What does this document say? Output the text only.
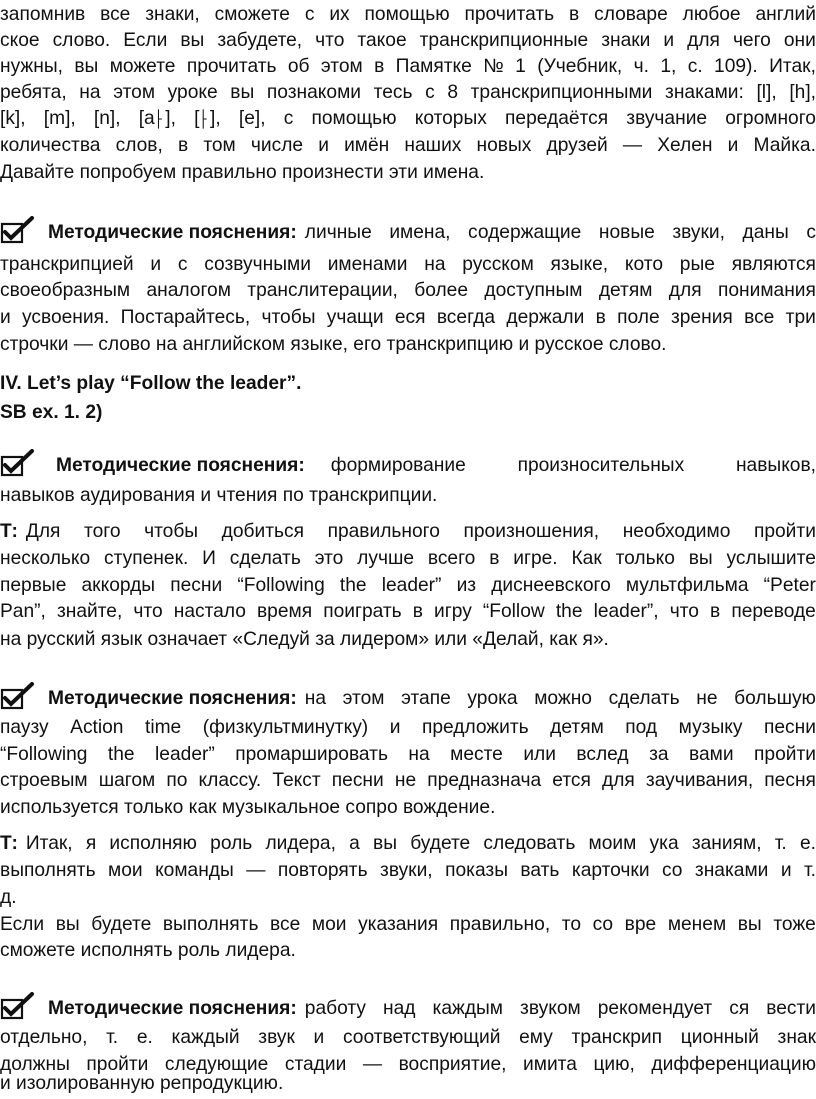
запомнив все знаки, сможете с их помощью прочитать в словаре любое англий
ское слово. Если вы забудете, что такое транскрипционные знаки и для чего они
нужны, вы можете прочитать об этом в Памятке № 1 (Учебник, ч. 1, с. 109). Итак,
ребята, на этом уроке вы познакоми тесь с 8 транскрипционными знаками: [l], [h],
[k], [m], [n], [a⸠], [⸠], [e], с помощью которых передаётся звучание огромного
количества слов, в том числе и имён наших новых друзей — Хелен и Майка.
Давайте попробуем правильно произнести эти имена.
Методические пояснения: личные имена, содержащие новые звуки, даны с
транскрипцией и с созвучными именами на русском языке, кото рые являются
своеобразным аналогом транслитерации, более доступным детям для понимания
и усвоения. Постарайтесь, чтобы учащи еся всегда держали в поле зрения все три
строчки — слово на английском языке, его транскрипцию и русское слово.
IV. Let’s play “Follow the leader”.
SB ex. 1. 2)
Методические пояснения: формирование	произносительных	навыков,
навыков аудирования и чтения по транскрипции.
Т: Для того чтобы добиться правильного произношения, необходимо пройти
несколько ступенек. И сделать это лучше всего в игре. Как только вы услышите
первые аккорды песни “Following the leader” из диснеевского мультфильма “Peter
Pan”, знайте, что настало время поиграть в игру “Follow the leader”, что в переводе
на русский язык означает «Следуй за лидером» или «Делай, как я».
Методические пояснения: на этом этапе урока можно сделать не большую
паузу Action time (физкультминутку) и предложить детям под музыку песни
“Following the leader” промаршировать на месте или вслед за вами пройти
строевым шагом по классу. Текст песни не предназнача ется для заучивания, песня
используется только как музыкальное сопро вождение.
Т: Итак, я исполняю роль лидера, а вы будете следовать моим ука заниям, т. е.
выполнять мои команды — повторять звуки, показы вать карточки со знаками и т.
д.
Если вы будете выполнять все мои указания правильно, то со вре менем вы тоже
сможете исполнять роль лидера.
Методические пояснения: работу над каждым звуком рекомендует ся вести
отдельно, т. е. каждый звук и соответствующий ему транскрип ционный знак
должны пройти следующие стадии — восприятие, имита цию, дифференциацию
и изолированную репродукцию.
